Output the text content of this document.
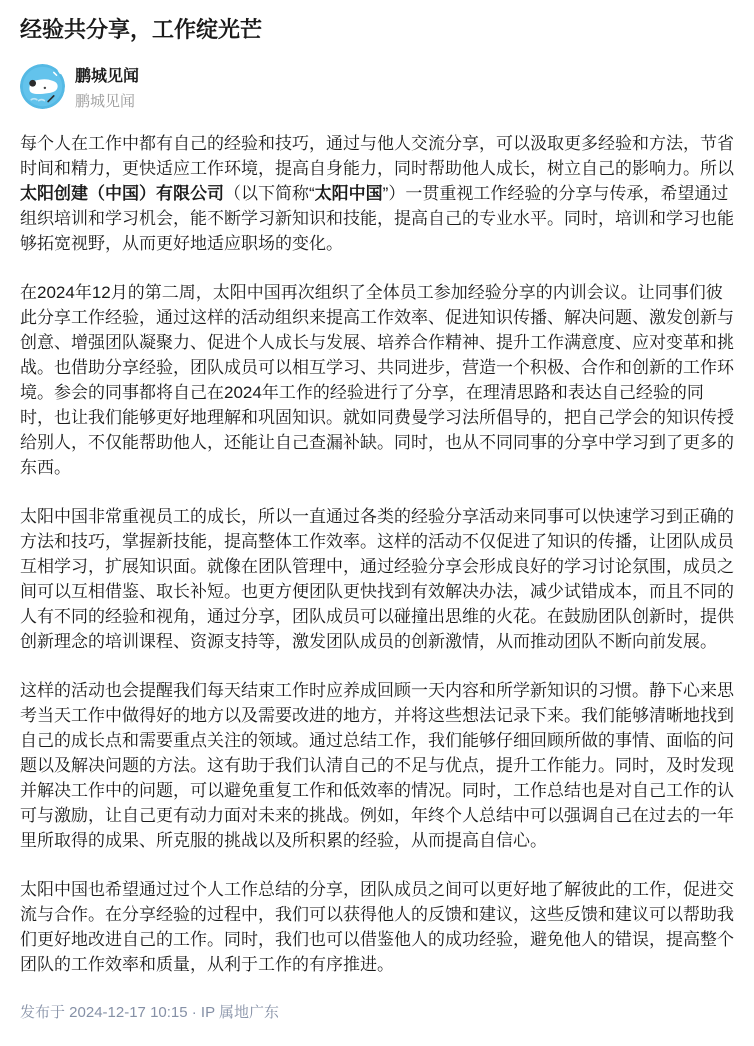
经验共分享，工作绽光芒
鹏城见闻
鹏城见闻

每个人在工作中都有自己的经验和技巧，通过与他人交流分享，可以汲取更多经验和方法，节省时间和精力，更快适应工作环境，提高自身能力，同时帮助他人成长，树立自己的影响力。所以太阳创建（中国）有限公司（以下简称“太阳中国”）一贯重视工作经验的分享与传承，希望通过组织培训和学习机会，能不断学习新知识和技能，提高自己的专业水平。同时，培训和学习也能够拓宽视野，从而更好地适应职场的变化。

在2024年12月的第二周，太阳中国再次组织了全体员工参加经验分享的内训会议。让同事们彼此分享工作经验，通过这样的活动组织来提高工作效率、促进知识传播、解决问题、激发创新与创意、增强团队凝聚力、促进个人成长与发展、培养合作精神、提升工作满意度、应对变革和挑战。也借助分享经验，团队成员可以相互学习、共同进步，营造一个积极、合作和创新的工作环境。参会的同事都将自己在2024年工作的经验进行了分享，在理清思路和表达自己经验的同时，也让我们能够更好地理解和巩固知识。就如同费曼学习法所倡导的，把自己学会的知识传授给别人，不仅能帮助他人，还能让自己查漏补缺。同时，也从不同同事的分享中学习到了更多的东西。

太阳中国非常重视员工的成长，所以一直通过各类的经验分享活动来同事可以快速学习到正确的方法和技巧，掌握新技能，提高整体工作效率。这样的活动不仅促进了知识的传播，让团队成员互相学习，扩展知识面。就像在团队管理中，通过经验分享会形成良好的学习讨论氛围，成员之间可以互相借鉴、取长补短。也更方便团队更快找到有效解决办法，减少试错成本，而且不同的人有不同的经验和视角，通过分享，团队成员可以碰撞出思维的火花。在鼓励团队创新时，提供创新理念的培训课程、资源支持等，激发团队成员的创新激情，从而推动团队不断向前发展。

这样的活动也会提醒我们每天结束工作时应养成回顾一天内容和所学新知识的习惯。静下心来思考当天工作中做得好的地方以及需要改进的地方，并将这些想法记录下来。我们能够清晰地找到自己的成长点和需要重点关注的领域。通过总结工作，我们能够仔细回顾所做的事情、面临的问题以及解决问题的方法。这有助于我们认清自己的不足与优点，提升工作能力。同时，及时发现并解决工作中的问题，可以避免重复工作和低效率的情况。同时，工作总结也是对自己工作的认可与激励，让自己更有动力面对未来的挑战。例如，年终个人总结中可以强调自己在过去的一年里所取得的成果、所克服的挑战以及所积累的经验，从而提高自信心。

太阳中国也希望通过过个人工作总结的分享，团队成员之间可以更好地了解彼此的工作，促进交流与合作。在分享经验的过程中，我们可以获得他人的反馈和建议，这些反馈和建议可以帮助我们更好地改进自己的工作。同时，我们也可以借鉴他人的成功经验，避免他人的错误，提高整个团队的工作效率和质量，从利于工作的有序推进。

发布于 2024-12-17 10:15 · IP 属地广东
